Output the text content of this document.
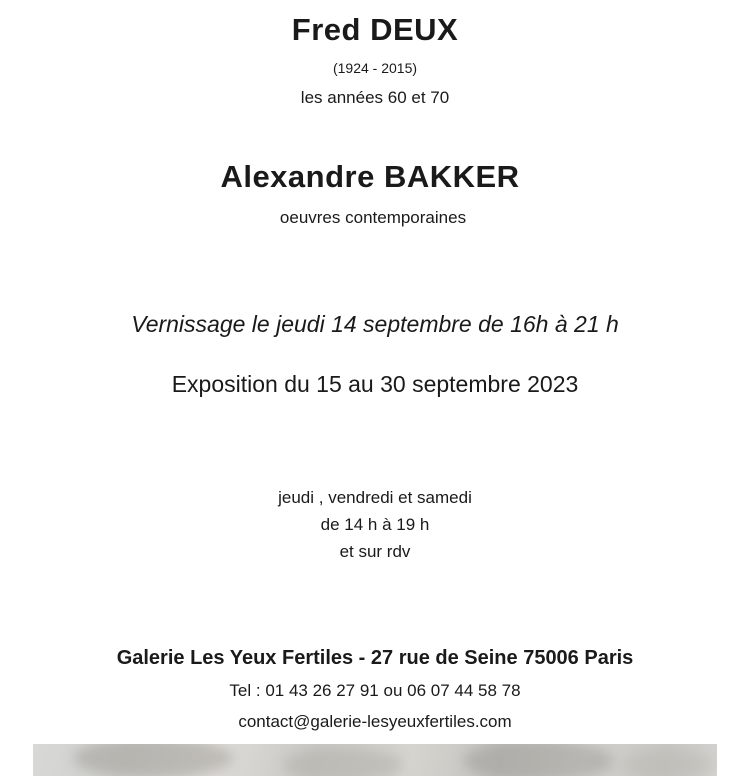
Fred DEUX

(1924 - 2015)

les années 60 et 70

Alexandre BAKKER

oeuvres contemporaines

Vernissage le jeudi 14 septembre de 16h à 21 h

Exposition du 15 au 30 septembre 2023

jeudi , vendredi et samedi

de 14 h à 19 h

et sur rdv

Galerie Les Yeux Fertiles - 27 rue de Seine 75006 Paris

Tel : 01 43 26 27 91 ou 06 07 44 58 78

contact@galerie-lesyeuxfertiles.com
